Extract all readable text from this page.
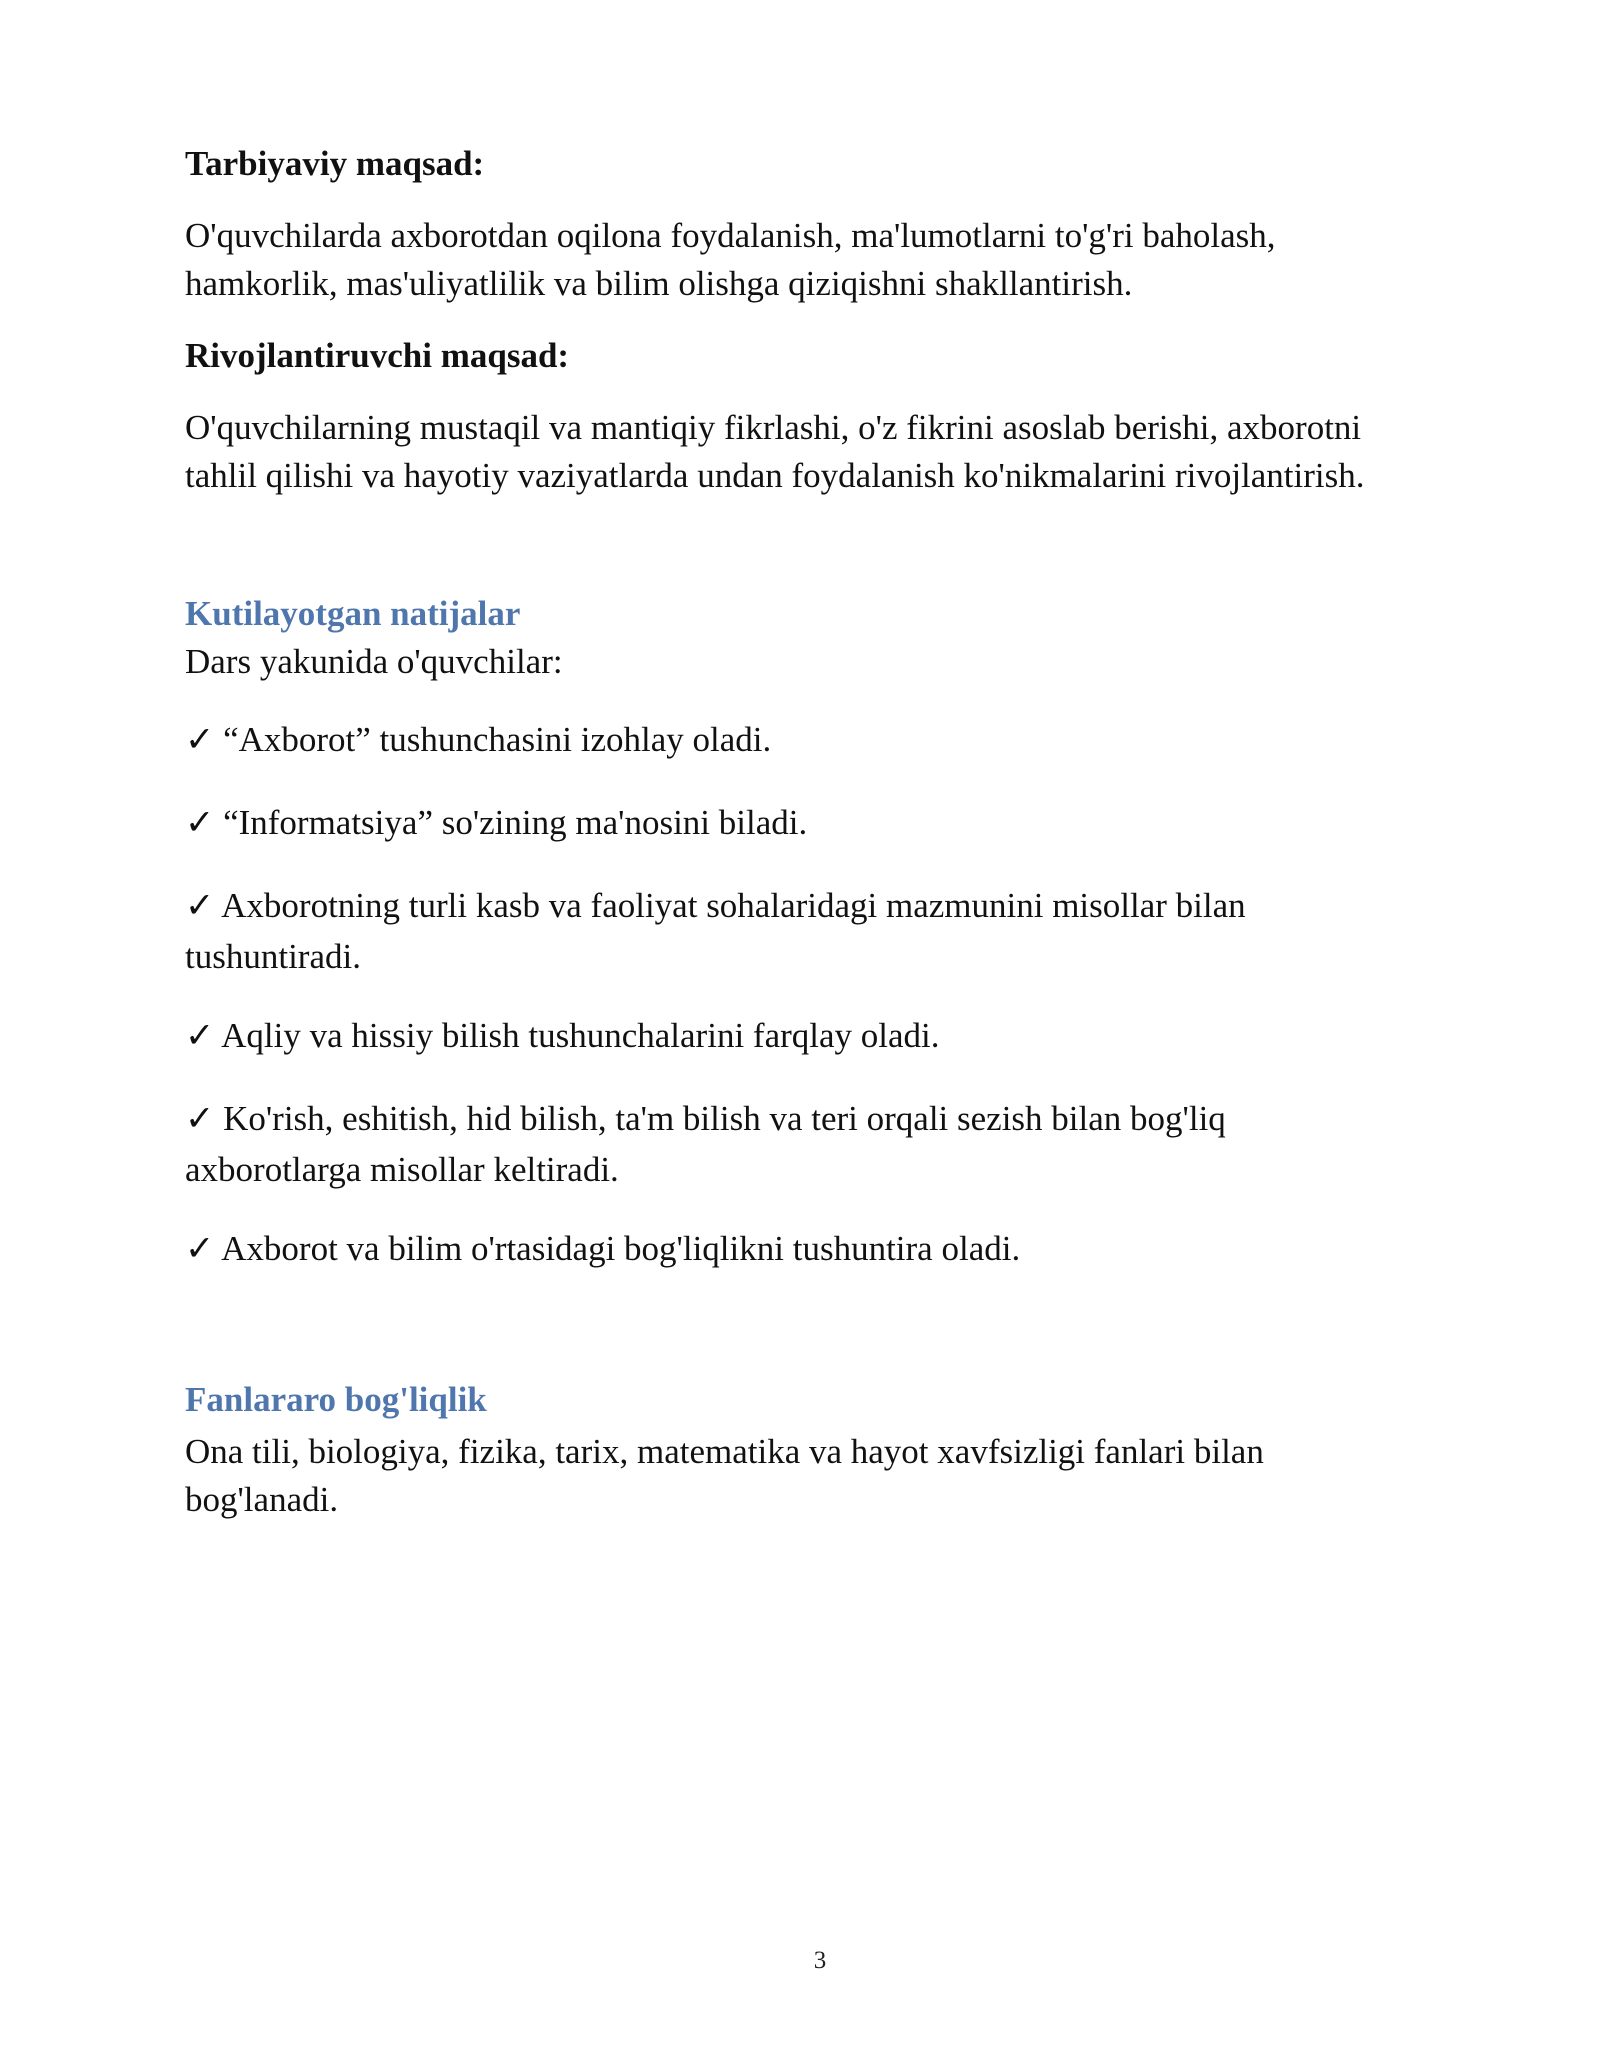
Tarbiyaviy maqsad:

O'quvchilarda axborotdan oqilona foydalanish, ma'lumotlarni to'g'ri baholash, hamkorlik, mas'uliyatlilik va bilim olishga qiziqishni shakllantirish.

Rivojlantiruvchi maqsad:

O'quvchilarning mustaqil va mantiqiy fikrlashi, o'z fikrini asoslab berishi, axborotni tahlil qilishi va hayotiy vaziyatlarda undan foydalanish ko'nikmalarini rivojlantirish.

Kutilayotgan natijalar

Dars yakunida o'quvchilar:

✓ “Axborot” tushunchasini izohlay oladi.

✓ “Informatsiya” so'zining ma'nosini biladi.

✓ Axborotning turli kasb va faoliyat sohalaridagi mazmunini misollar bilan tushuntiradi.

✓ Aqliy va hissiy bilish tushunchalarini farqlay oladi.

✓ Ko'rish, eshitish, hid bilish, ta'm bilish va teri orqali sezish bilan bog'liq axborotlarga misollar keltiradi.

✓ Axborot va bilim o'rtasidagi bog'liqlikni tushuntira oladi.

Fanlararo bog'liqlik

Ona tili, biologiya, fizika, tarix, matematika va hayot xavfsizligi fanlari bilan bog'lanadi.

3
